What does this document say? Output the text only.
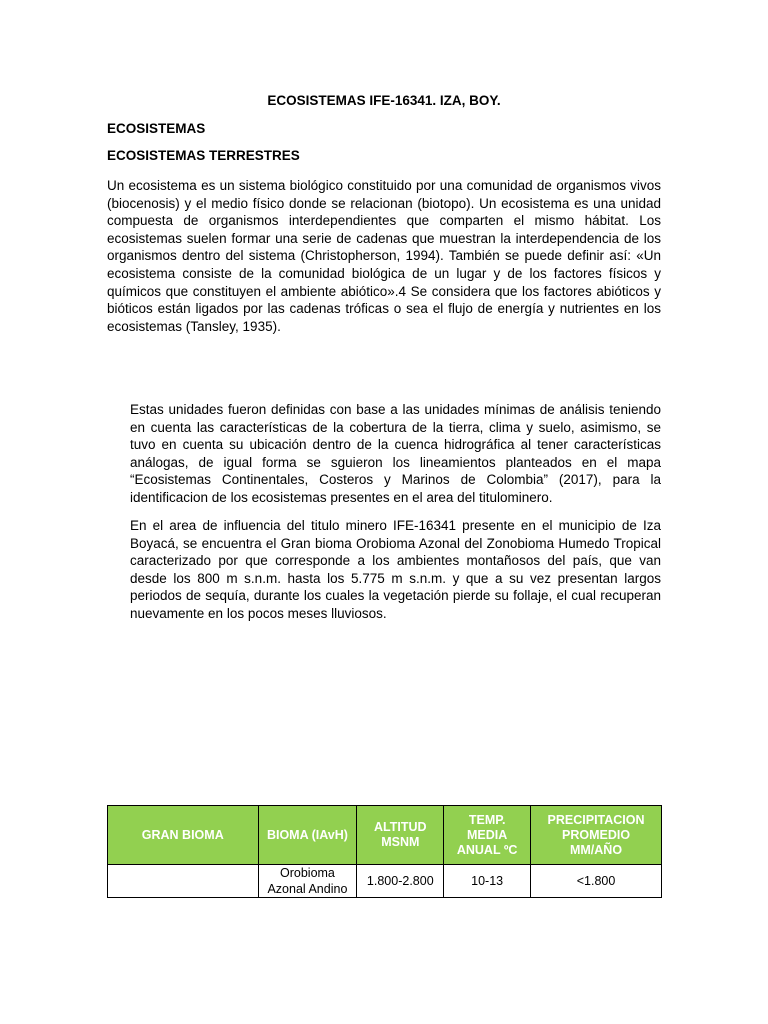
ECOSISTEMAS IFE-16341. IZA, BOY.
ECOSISTEMAS
ECOSISTEMAS TERRESTRES

Un ecosistema es un sistema biológico constituido por una comunidad de organismos vivos (biocenosis) y el medio físico donde se relacionan (biotopo). Un ecosistema es una unidad compuesta de organismos interdependientes que comparten el mismo hábitat. Los ecosistemas suelen formar una serie de cadenas que muestran la interdependencia de los organismos dentro del sistema (Christopherson, 1994). También se puede definir así: «Un ecosistema consiste de la comunidad biológica de un lugar y de los factores físicos y químicos que constituyen el ambiente abiótico».4 Se considera que los factores abióticos y bióticos están ligados por las cadenas tróficas o sea el flujo de energía y nutrientes en los ecosistemas (Tansley, 1935).

Estas unidades fueron definidas con base a las unidades mínimas de análisis teniendo en cuenta las características de la cobertura de la tierra, clima y suelo, asimismo, se tuvo en cuenta su ubicación dentro de la cuenca hidrográfica al tener características análogas, de igual forma se sguieron los lineamientos planteados en el mapa “Ecosistemas Continentales, Costeros y Marinos de Colombia” (2017), para la identificacion de los ecosistemas presentes en el area del titulominero.

En el area de influencia del titulo minero IFE-16341 presente en el municipio de Iza Boyacá, se encuentra el Gran bioma Orobioma Azonal del Zonobioma Humedo Tropical caracterizado por que corresponde a los ambientes montañosos del país, que van desde los 800 m s.n.m. hasta los 5.775 m s.n.m. y que a su vez presentan largos periodos de sequía, durante los cuales la vegetación pierde su follaje, el cual recuperan nuevamente en los pocos meses lluviosos.

GRAN BIOMA	BIOMA (IAvH)	ALTITUD MSNM	TEMP. MEDIA ANUAL ºC	PRECIPITACION PROMEDIO MM/AÑO
	Orobioma Azonal Andino	1.800-2.800	10-13	<1.800
